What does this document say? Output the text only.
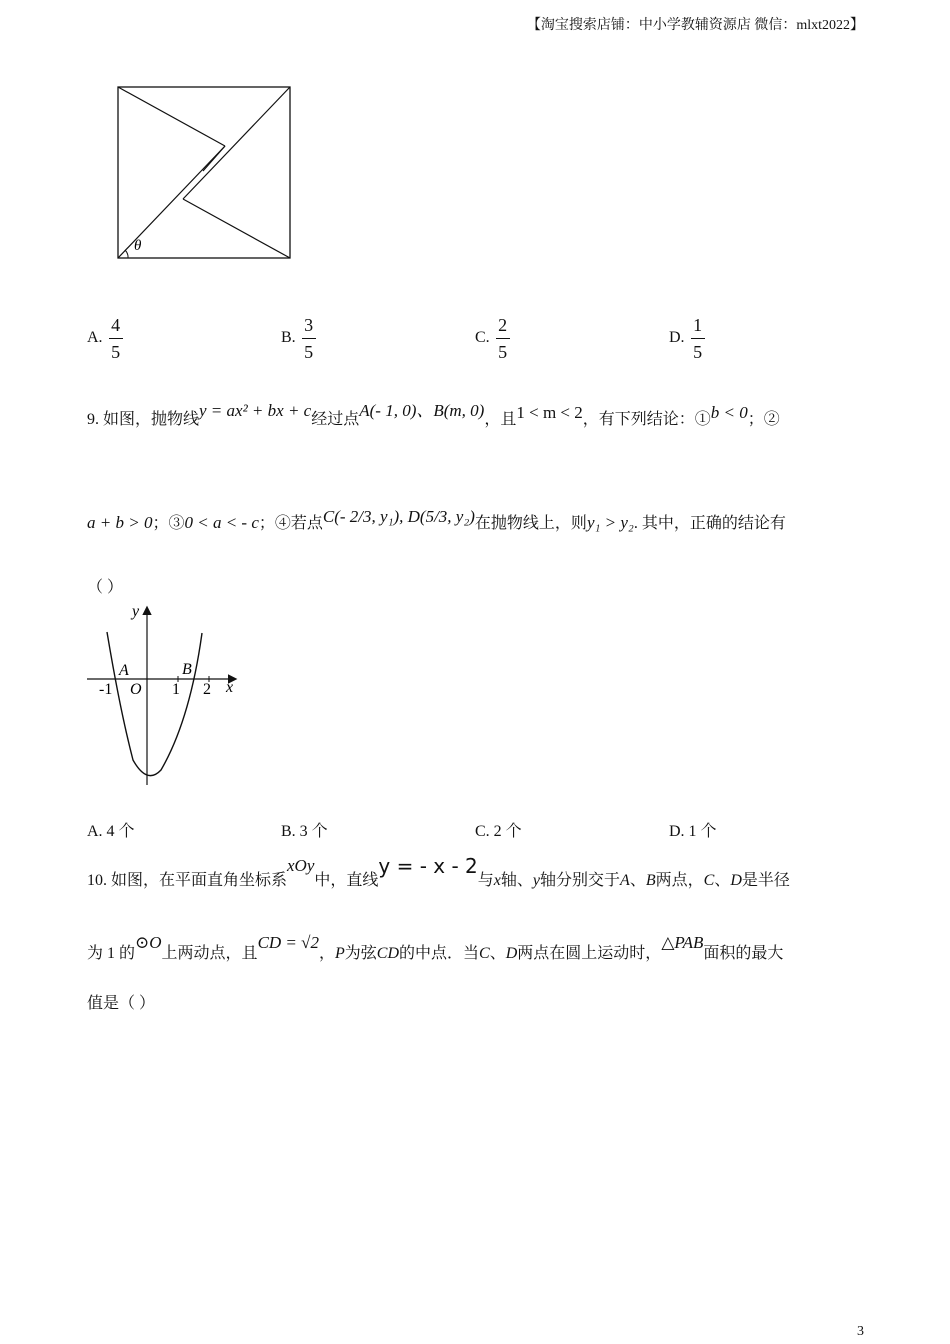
【淘宝搜索店铺：中小学教辅资源店 微信：mlxt2022】
θ
A. $\frac{4}{5}$	B. $\frac{3}{5}$	C. $\frac{2}{5}$	D. $\frac{1}{5}$
9. 如图，抛物线y = ax² + bx + c经过点A(- 1, 0)、B(m, 0)，且1 < m < 2，有下列结论：①b < 0；②
a + b > 0；③0 < a < - c；④若点C(- 2/3, y₁), D(5/3, y₂)在抛物线上，则y₁ > y₂. 其中，正确的结论有
（ ）
y
x
A	B
O
-1	1 2
A. 4 个	B. 3 个	C. 2 个	D. 1 个
10. 如图，在平面直角坐标系xOy中，直线y = - x - 2与x轴、y轴分别交于A、B两点，C、D是半径
为 1 的⊙O上两动点，且CD = √2，P为弦CD的中点．当C、D两点在圆上运动时，△PAB面积的最大
值是（ ）
3
